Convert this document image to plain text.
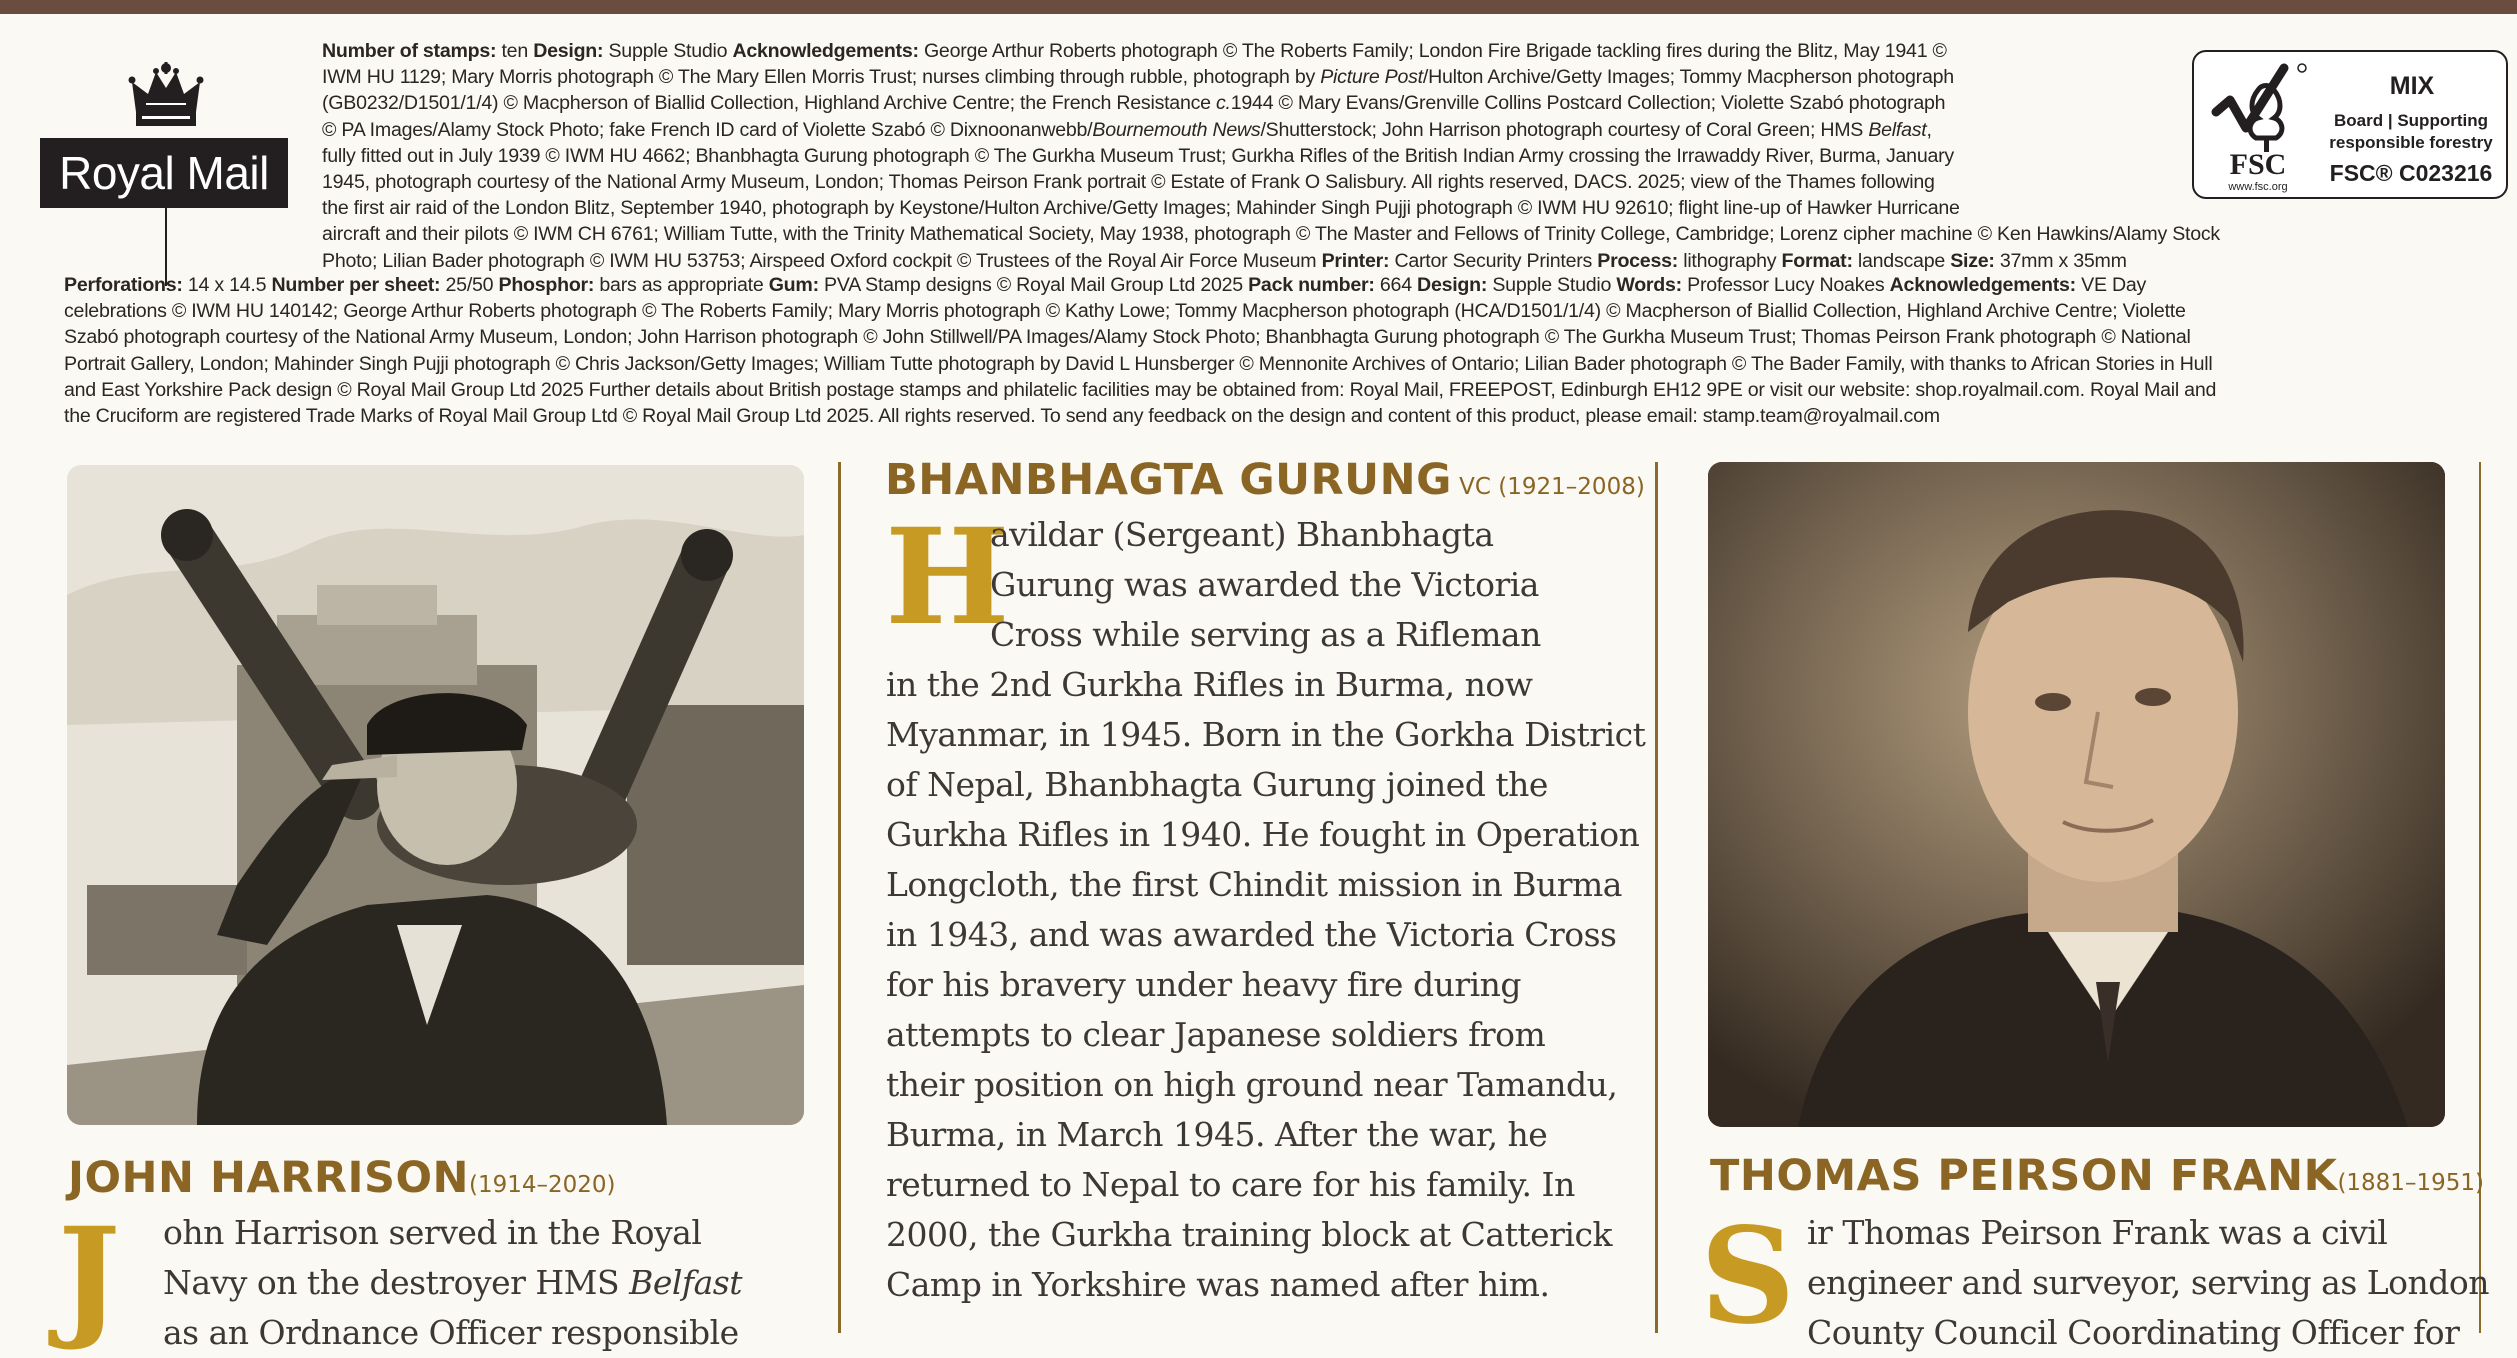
Royal Mail	FSC
www.fsc.org
MIX
Board | Supporting
responsible forestry
FSC® C023216
Number of stamps: ten Design: Supple Studio Acknowledgements: George Arthur Roberts photograph © The Roberts Family; London Fire Brigade tackling fires during the Blitz, May 1941 ©
IWM HU 1129; Mary Morris photograph © The Mary Ellen Morris Trust; nurses climbing through rubble, photograph by Picture Post/Hulton Archive/Getty Images; Tommy Macpherson photograph
(GB0232/D1501/1/4) © Macpherson of Biallid Collection, Highland Archive Centre; the French Resistance c.1944 © Mary Evans/Grenville Collins Postcard Collection; Violette Szabó photograph
© PA Images/Alamy Stock Photo; fake French ID card of Violette Szabó © Dixnoonanwebb/Bournemouth News/Shutterstock; John Harrison photograph courtesy of Coral Green; HMS Belfast,
fully fitted out in July 1939 © IWM HU 4662; Bhanbhagta Gurung photograph © The Gurkha Museum Trust; Gurkha Rifles of the British Indian Army crossing the Irrawaddy River, Burma, January
1945, photograph courtesy of the National Army Museum, London; Thomas Peirson Frank portrait © Estate of Frank O Salisbury. All rights reserved, DACS. 2025; view of the Thames following
the first air raid of the London Blitz, September 1940, photograph by Keystone/Hulton Archive/Getty Images; Mahinder Singh Pujji photograph © IWM HU 92610; flight line-up of Hawker Hurricane
aircraft and their pilots © IWM CH 6761; William Tutte, with the Trinity Mathematical Society, May 1938, photograph © The Master and Fellows of Trinity College, Cambridge; Lorenz cipher machine © Ken Hawkins/Alamy Stock
Photo; Lilian Bader photograph © IWM HU 53753; Airspeed Oxford cockpit © Trustees of the Royal Air Force Museum Printer: Cartor Security Printers Process: lithography Format: landscape Size: 37mm x 35mm
Perforations: 14 x 14.5 Number per sheet: 25/50 Phosphor: bars as appropriate Gum: PVA Stamp designs © Royal Mail Group Ltd 2025 Pack number: 664 Design: Supple Studio Words: Professor Lucy Noakes Acknowledgements: VE Day
celebrations © IWM HU 140142; George Arthur Roberts photograph © The Roberts Family; Mary Morris photograph © Kathy Lowe; Tommy Macpherson photograph (HCA/D1501/1/4) © Macpherson of Biallid Collection, Highland Archive Centre; Violette
Szabó photograph courtesy of the National Army Museum, London; John Harrison photograph © John Stillwell/PA Images/Alamy Stock Photo; Bhanbhagta Gurung photograph © The Gurkha Museum Trust; Thomas Peirson Frank photograph © National
Portrait Gallery, London; Mahinder Singh Pujji photograph © Chris Jackson/Getty Images; William Tutte photograph by David L Hunsberger © Mennonite Archives of Ontario; Lilian Bader photograph © The Bader Family, with thanks to African Stories in Hull
and East Yorkshire Pack design © Royal Mail Group Ltd 2025 Further details about British postage stamps and philatelic facilities may be obtained from: Royal Mail, FREEPOST, Edinburgh EH12 9PE or visit our website: shop.royalmail.com. Royal Mail and
the Cruciform are registered Trade Marks of Royal Mail Group Ltd © Royal Mail Group Ltd 2025. All rights reserved. To send any feedback on the design and content of this product, please email: stamp.team@royalmail.com
BHANBHAGTA GURUNG VC (1921–2008)
H
avildar (Sergeant) Bhanbhagta
Gurung was awarded the Victoria
Cross while serving as a Rifleman
in the 2nd Gurkha Rifles in Burma, now
Myanmar, in 1945. Born in the Gorkha District
of Nepal, Bhanbhagta Gurung joined the
Gurkha Rifles in 1940. He fought in Operation
Longcloth, the first Chindit mission in Burma
in 1943, and was awarded the Victoria Cross
for his bravery under heavy fire during
attempts to clear Japanese soldiers from
their position on high ground near Tamandu,
Burma, in March 1945. After the war, he
returned to Nepal to care for his family. In
2000, the Gurkha training block at Catterick
Camp in Yorkshire was named after him.
JOHN HARRISON(1914–2020)
J ohn Harrison served in the Royal
Navy on the destroyer HMS Belfast
as an Ordnance Officer responsible
THOMAS PEIRSON FRANK(1881–1951)
S ir Thomas Peirson Frank was a civil
engineer and surveyor, serving as London
County Council Coordinating Officer for
